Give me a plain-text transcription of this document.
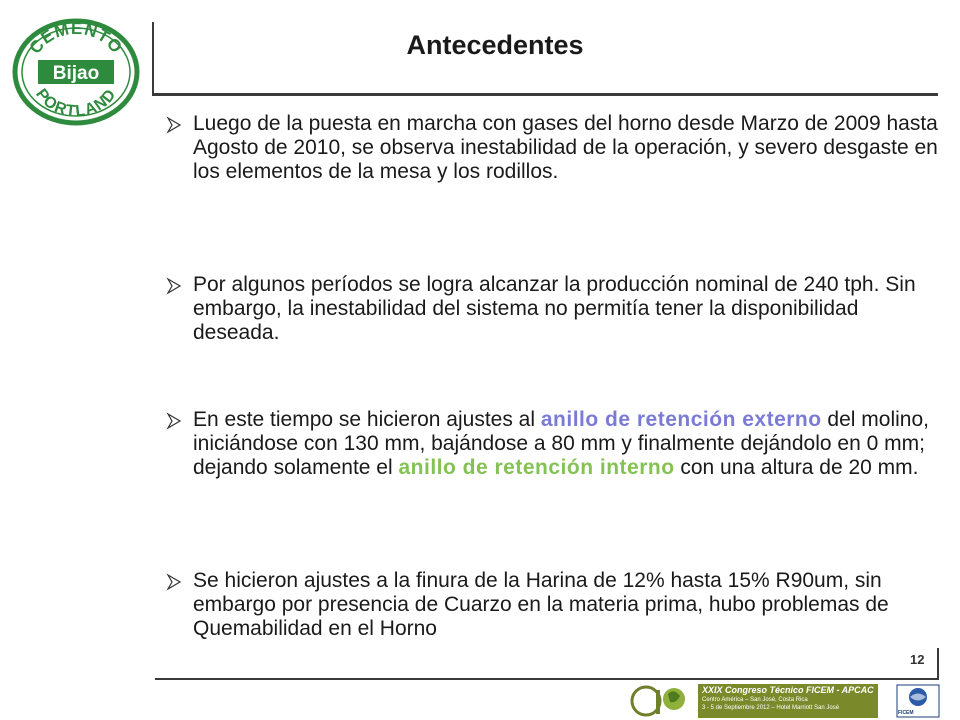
CEMENTO
PORTLAND
Bijao
Antecedentes
Luego de la puesta en marcha con gases del horno desde Marzo de 2009 hasta Agosto de 2010, se observa inestabilidad de la operación, y severo desgaste en los elementos de la mesa y los rodillos.
Por algunos períodos se logra alcanzar la producción nominal de 240 tph. Sin embargo, la inestabilidad del sistema no permitía tener la disponibilidad deseada.
En este tiempo se hicieron ajustes al anillo de retención externo del molino, iniciándose con 130 mm, bajándose a 80 mm y finalmente dejándolo en 0 mm; dejando solamente el anillo de retención interno con una altura de 20 mm.
Se hicieron ajustes a la finura de la Harina de 12% hasta 15% R90um, sin embargo por presencia de Cuarzo en la materia prima, hubo problemas de Quemabilidad en el Horno
12
XXIX Congreso Técnico FICEM - APCAC
Centro América – San José, Costa Rica
3 - 5 de Septiembre 2012 – Hotel Marriott San José
FICEM
